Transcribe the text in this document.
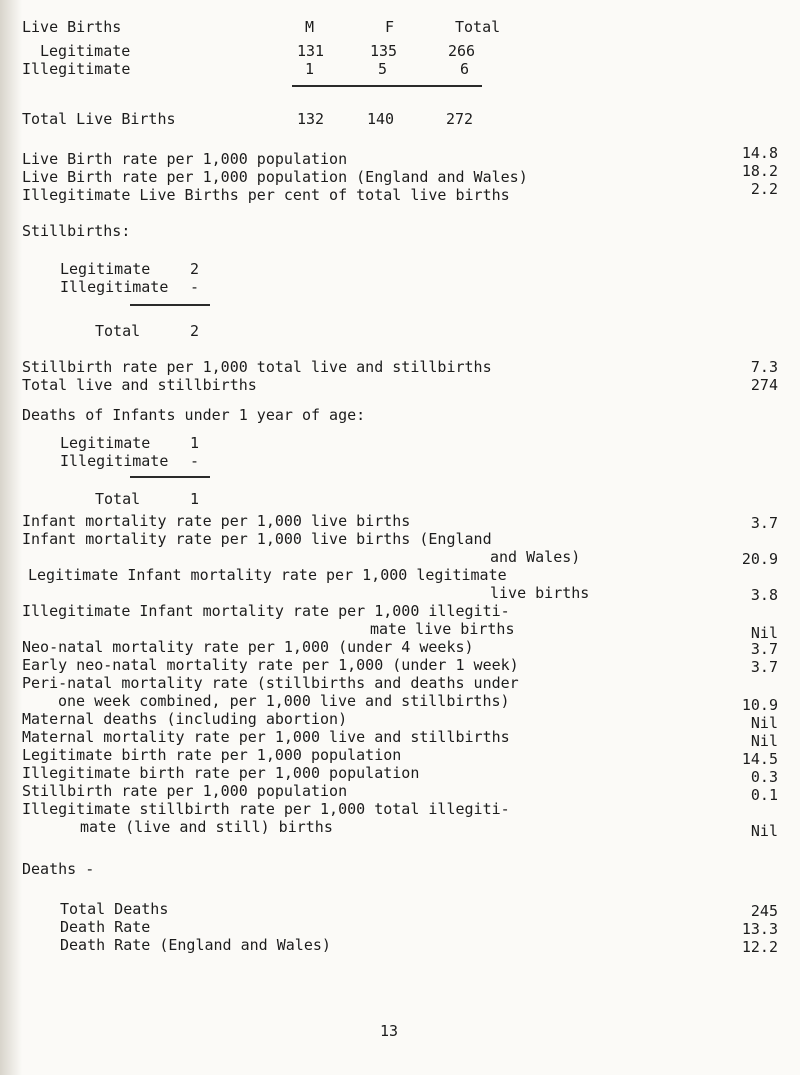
Live Births	M	F	Total
Legitimate	131	135	266
Illegitimate	1	5	6
Total Live Births	132	140	272
Live Birth rate per 1,000 population	14.8
Live Birth rate per 1,000 population (England and Wales)	18.2
Illegitimate Live Births per cent of total live births	2.2
Stillbirths:
Legitimate	2
Illegitimate -
Total	2
Stillbirth rate per 1,000 total live and stillbirths	7.3
Total live and stillbirths	274
Deaths of Infants under 1 year of age:
Legitimate	1
Illegitimate -
Total	1
Infant mortality rate per 1,000 live births	3.7
Infant mortality rate per 1,000 live births (England
and Wales)	20.9
Legitimate Infant mortality rate per 1,000 legitimate
live births	3.8
Illegitimate Infant mortality rate per 1,000 illegiti-
mate live births	Nil
Neo-natal mortality rate per 1,000 (under 4 weeks)	3.7
Early neo-natal mortality rate per 1,000 (under 1 week)	3.7
Peri-natal mortality rate (stillbirths and deaths under
one week combined, per 1,000 live and stillbirths)	10.9
Maternal deaths (including abortion)	Nil
Maternal mortality rate per 1,000 live and stillbirths	Nil
Legitimate birth rate per 1,000 population	14.5
Illegitimate birth rate per 1,000 population	0.3
Stillbirth rate per 1,000 population	0.1
Illegitimate stillbirth rate per 1,000 total illegiti-
mate (live and still) births	Nil
Deaths -
Total Deaths	245
Death Rate	13.3
Death Rate (England and Wales)	12.2
13
